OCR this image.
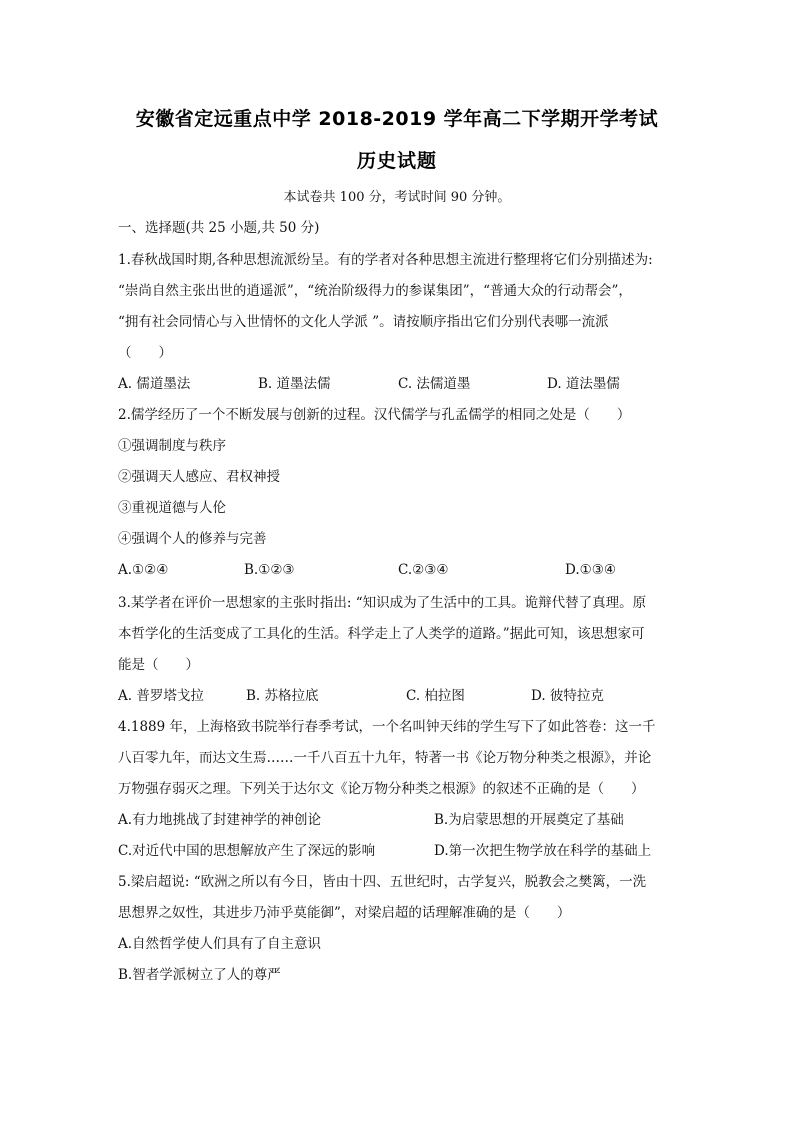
安徽省定远重点中学 2018-2019 学年高二下学期开学考试
历史试题
本试卷共 100 分，考试时间 90 分钟。
一、选择题(共 25 小题,共 50 分)
1.春秋战国时期,各种思想流派纷呈。有的学者对各种思想主流进行整理将它们分别描述为:
“崇尚自然主张出世的逍遥派”，“统治阶级得力的参谋集团”，“普通大众的行动帮会”，
“拥有社会同情心与入世情怀的文化人学派 ”。请按顺序指出它们分别代表哪一流派
（　　）
A. 儒道墨法	B. 道墨法儒	C. 法儒道墨	D. 道法墨儒
2.儒学经历了一个不断发展与创新的过程。汉代儒学与孔孟儒学的相同之处是（　　）
①强调制度与秩序
②强调天人感应、君权神授
③重视道德与人伦
④强调个人的修养与完善
A.①②④	B.①②③	C.②③④	D.①③④
3.某学者在评价一思想家的主张时指出: “知识成为了生活中的工具。诡辩代替了真理。原
本哲学化的生活变成了工具化的生活。科学走上了人类学的道路。”据此可知，该思想家可
能是（　　）
A. 普罗塔戈拉	B. 苏格拉底	C. 柏拉图	D. 彼特拉克
4.1889 年，上海格致书院举行春季考试，一个名叫钟天纬的学生写下了如此答卷：这一千
八百零九年，而达文生焉……一千八百五十九年，特著一书《论万物分种类之根源》，并论
万物强存弱灭之理。下列关于达尔文《论万物分种类之根源》的叙述不正确的是（　　）
A.有力地挑战了封建神学的神创论	B.为启蒙思想的开展奠定了基础
C.对近代中国的思想解放产生了深远的影响	D.第一次把生物学放在科学的基础上
5.梁启超说: “欧洲之所以有今日，皆由十四、五世纪时，古学复兴，脱教会之樊篱，一洗
思想界之奴性，其进步乃沛乎莫能御”，对梁启超的话理解准确的是（　　）
A.自然哲学使人们具有了自主意识
B.智者学派树立了人的尊严
